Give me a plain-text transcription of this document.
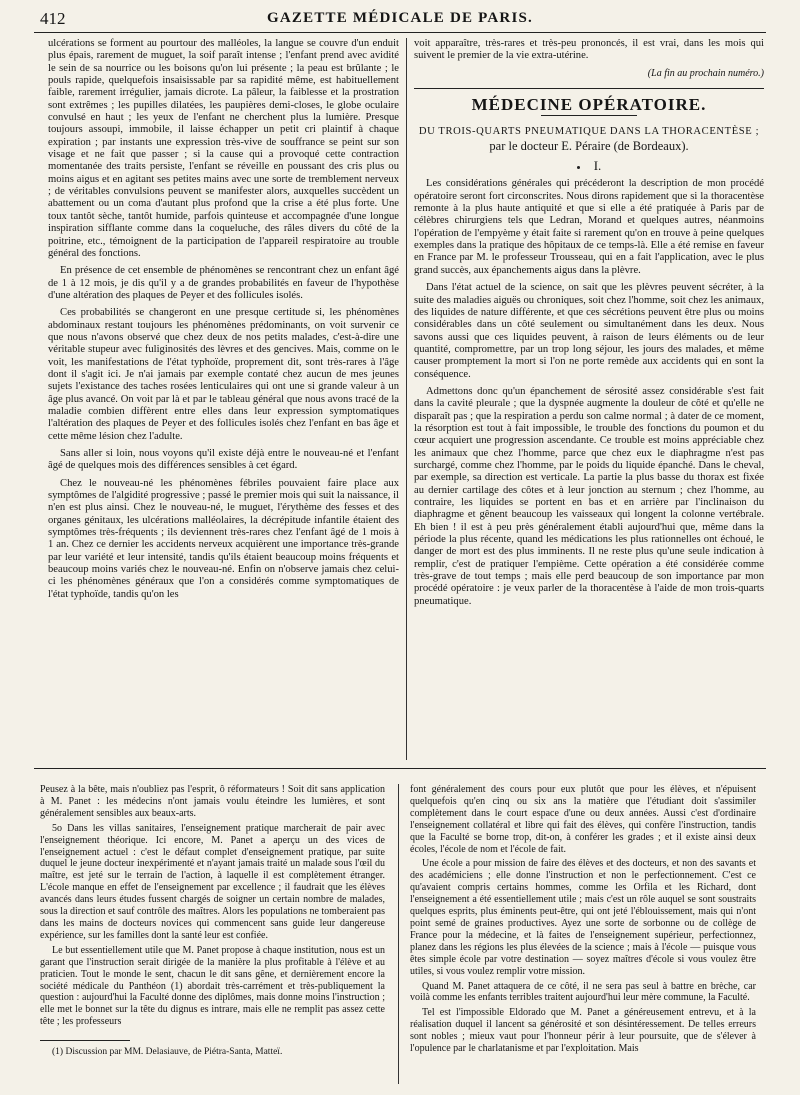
412	GAZETTE MÉDICALE DE PARIS.

ulcérations se forment au pourtour des malléoles, la langue se couvre d'un enduit plus épais, rarement de muguet, la soif paraît intense ; l'enfant prend avec avidité le sein de sa nourrice ou les boisons qu'on lui présente ; la peau est brûlante ; le pouls rapide, quelquefois insaisissable par sa rapidité même, est habituellement faible, rarement irrégulier, jamais dicrote. La pâleur, la faiblesse et la prostration sont extrêmes ; les pupilles dilatées, les paupières demi-closes, le globe oculaire convulsé en haut ; les yeux de l'enfant ne cherchent plus la lumière. Presque toujours assoupi, immobile, il laisse échapper un petit cri plaintif à chaque expiration ; par instants une expression très-vive de souffrance se peint sur son visage et ne fait que passer ; si la cause qui a provoqué cette contraction momentanée des traits persiste, l'enfant se réveille en poussant des cris plus ou moins aigus et en agitant ses petites mains avec une sorte de tremblement nerveux ; de véritables convulsions peuvent se manifester alors, auxquelles succèdent un abattement ou un coma d'autant plus profond que la crise a été plus forte. Une toux tantôt sèche, tantôt humide, parfois quinteuse et accompagnée d'une longue inspiration sifflante comme dans la coqueluche, des râles divers du côté de la poitrine, etc., témoignent de la participation de l'appareil respiratoire au trouble général des fonctions.

En présence de cet ensemble de phénomènes se rencontrant chez un enfant âgé de 1 à 12 mois, je dis qu'il y a de grandes probabilités en faveur de l'hypothèse d'une altération des plaques de Peyer et des follicules isolés.

Ces probabilités se changeront en une presque certitude si, les phénomènes abdominaux restant toujours les phénomènes prédominants, on voit survenir ce que nous n'avons observé que chez deux de nos petits malades, c'est-à-dire une véritable stupeur avec fuliginosités des lèvres et des gencives. Mais, comme on le voit, les manifestations de l'état typhoïde, proprement dit, sont très-rares à l'âge dont il s'agit ici. Je n'ai jamais par exemple contaté chez aucun de mes jeunes sujets l'existance des taches rosées lenticulaires qui ont une si grande valeur à un âge plus avancé. On voit par là et par le tableau général que nous avons tracé de la maladie combien diffèrent entre elles dans leur expression symptomatiques l'altération des plaques de Peyer et des follicules isolés chez l'enfant en bas âge et cette même lésion chez l'adulte.

Sans aller si loin, nous voyons qu'il existe déjà entre le nouveau-né et l'enfant âgé de quelques mois des différences sensibles à cet égard.

Chez le nouveau-né les phénomènes fébriles pouvaient faire place aux symptômes de l'algidité progressive ; passé le premier mois qui suit la naissance, il n'en est plus ainsi. Chez le nouveau-né, le muguet, l'érythème des fesses et des organes génitaux, les ulcérations malléolaires, la décrépitude infantile étaient des symptômes très-fréquents ; ils deviennent très-rares chez l'enfant âgé de 1 mois à 1 an. Chez ce dernier les accidents nerveux acquièrent une importance très-grande par leur variété et leur intensité, tandis qu'ils étaient beaucoup moins fréquents et beaucoup moins variés chez le nouveau-né. Enfin on n'observe jamais chez celui-ci les phénomènes généraux que l'on a considérés comme symptomatiques de l'état typhoïde, tandis qu'on les

voit apparaître, très-rares et très-peu prononcés, il est vrai, dans les mois qui suivent le premier de la vie extra-utérine.

(La fin au prochain numéro.)
MÉDECINE OPÉRATOIRE.
DU TROIS-QUARTS PNEUMATIQUE DANS LA THORACENTÈSE ;
par le docteur E. Péraire (de Bordeaux).
I.

Les considérations générales qui précéderont la description de mon procédé opératoire seront fort circonscrites. Nous dirons rapidement que si la thoracentèse remonte à la plus haute antiquité et que si elle a été pratiquée à Paris par de célèbres chirurgiens tels que Ledran, Morand et quelques autres, néanmoins l'opération de l'empyème y était faite si rarement qu'on en trouve à peine quelques exemples dans la pratique des hôpitaux de ce temps-là. Elle a été remise en faveur en France par M. le professeur Trousseau, qui en a fait l'application, avec le plus grand succès, aux épanchements aigus dans la plèvre.

Dans l'état actuel de la science, on sait que les plèvres peuvent sécréter, à la suite des maladies aiguës ou chroniques, soit chez l'homme, soit chez les animaux, des liquides de nature différente, et que ces sécrétions peuvent être plus ou moins considérables dans un côté seulement ou simultanément dans les deux. Nous savons aussi que ces liquides peuvent, à raison de leurs éléments ou de leur quantité, compromettre, par un trop long séjour, les jours des malades, et même causer promptement la mort si l'on ne porte remède aux accidents qui en sont la conséquence.

Admettons donc qu'un épanchement de sérosité assez considérable s'est fait dans la cavité pleurale ; que la dyspnée augmente la douleur de côté et qu'elle ne disparaît pas ; que la respiration a perdu son calme normal ; à dater de ce moment, la résorption est tout à fait impossible, le trouble des fonctions du poumon et du cœur acquiert une progression ascendante. Ce trouble est moins appréciable chez les animaux que chez l'homme, parce que chez eux le diaphragme n'est pas surchargé, comme chez l'homme, par le poids du liquide épanché. Dans le cheval, par exemple, sa direction est verticale. La partie la plus basse du thorax est fixée au dernier cartilage des côtes et à leur jonction au sternum ; chez l'homme, au contraire, les liquides se portent en bas et en arrière par l'inclinaison du diaphragme et gênent beaucoup les vaisseaux qui longent la colonne vertébrale. Eh bien ! il est à peu près généralement établi aujourd'hui que, même dans la période la plus récente, quand les médications les plus rationnelles ont échoué, le danger de mort est des plus imminents. Il ne reste plus qu'une seule indication à remplir, c'est de pratiquer l'empième. Cette opération a été considérée comme très-grave de tout temps ; mais elle perd beaucoup de son importance par mon procédé opératoire : je veux parler de la thoracentèse à l'aide de mon trois-quarts pneumatique.

Peusez à la bête, mais n'oubliez pas l'esprit, ô réformateurs ! Soit dit sans application à M. Panet : les médecins n'ont jamais voulu éteindre les lumières, et sont généralement sensibles aux beaux-arts.

5o Dans les villas sanitaires, l'enseignement pratique marcherait de pair avec l'enseignement théorique. Ici encore, M. Panet a aperçu un des vices de l'enseignement actuel : c'est le défaut complet d'enseignement pratique, par suite duquel le jeune docteur inexpérimenté et n'ayant jamais traité un malade sous l'œil du maître, est jeté sur le terrain de l'action, à laquelle il est complètement étranger. L'école manque en effet de l'enseignement par excellence ; il faudrait que les élèves avancés dans leurs études fussent chargés de soigner un certain nombre de malades, sous la direction et sauf contrôle des maîtres. Alors les populations ne tomberaient pas dans les mains de docteurs novices qui commencent sans guide leur dangereuse expérience, sur les familles dont la santé leur est confiée.

Le but essentiellement utile que M. Panet propose à chaque institution, nous est un garant que l'instruction serait dirigée de la manière la plus profitable à l'élève et au praticien. Tout le monde le sent, chacun le dit sans gêne, et dernièrement encore la société médicale du Panthéon (1) abordait très-carrément et très-publiquement la question : aujourd'hui la Faculté donne des diplômes, mais donne moins l'instruction ; elle met le bonnet sur la tête du dignus es intrare, mais elle ne remplit pas assez cette tête ; les professeurs

(1) Discussion par MM. Delasiauve, de Piétra-Santa, Matteï.

font généralement des cours pour eux plutôt que pour les élèves, et n'épuisent quelquefois qu'en cinq ou six ans la matière que l'étudiant doit s'assimiler complètement dans le court espace d'une ou deux années. Aussi c'est d'ordinaire l'enseignement collatéral et libre qui fait des élèves, qui confère l'instruction, tandis que la Faculté se borne trop, dit-on, à conférer les grades ; et il existe ainsi deux écoles, l'école de nom et l'école de fait.

Une école a pour mission de faire des élèves et des docteurs, et non des savants et des académiciens ; elle donne l'instruction et non le perfectionnement. C'est ce qu'avaient compris certains hommes, comme les Orfila et les Richard, dont l'enseignement a été essentiellement utile ; mais c'est un rôle auquel se sont soustraits quelques esprits, plus éminents peut-être, qui ont jeté l'éblouissement, mais qui n'ont point semé de graines productives. Ayez une sorte de sorbonne ou de collège de France pour la médecine, et là faites de l'enseignement supérieur, perfectionnez, planez dans les régions les plus élevées de la science ; mais à l'école — puisque vous êtes simple école par votre destination — soyez maîtres d'école si vous voulez être utiles, si vous voulez remplir votre mission.

Quand M. Panet attaquera de ce côté, il ne sera pas seul à battre en brèche, car voilà comme les enfants terribles traitent aujourd'hui leur mère commune, la Faculté.

Tel est l'impossible Eldorado que M. Panet a généreusement entrevu, et à la réalisation duquel il lancent sa générosité et son désintéressement. De telles erreurs sont nobles ; mieux vaut pour l'honneur périr à leur poursuite, que de s'élever à l'opulence par le charlatanisme et par l'exploitation. Mais
